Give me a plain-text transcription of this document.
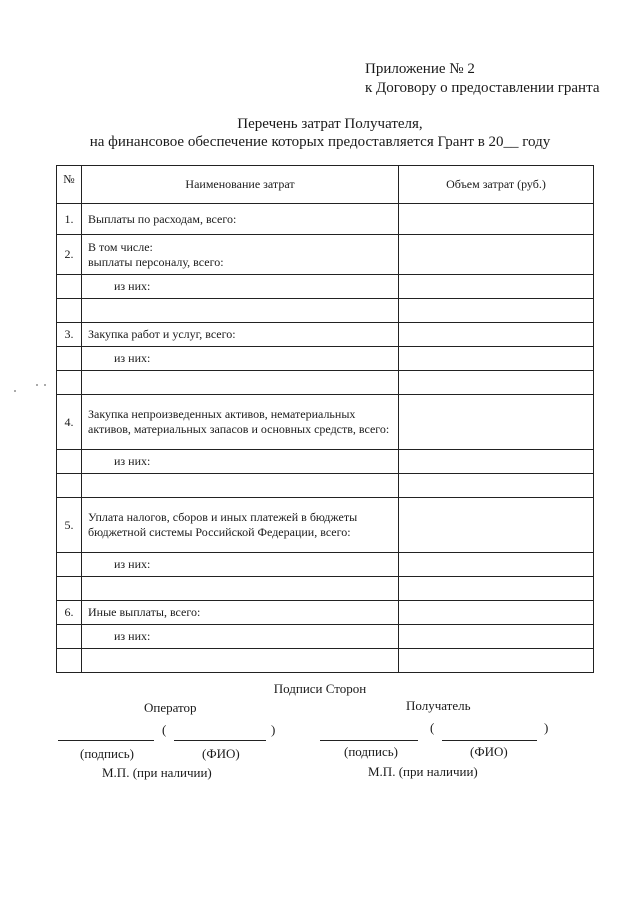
Приложение № 2
к Договору о предоставлении гранта
Перечень затрат Получателя,
на финансовое обеспечение которых предоставляется Грант в 20__ году
№	Наименование затрат	Объем затрат (руб.)
1.	Выплаты по расходам, всего:	
2.	В том числе:
выплаты персоналу, всего:	

	из них:	

3.	Закупка работ и услуг, всего:	
	из них:	

4.	Закупка непроизведенных активов, нематериальных активов, материальных запасов и основных средств, всего:	
	из них:	

5.	Уплата налогов, сборов и иных платежей в бюджеты бюджетной системы Российской Федерации, всего:	
	из них:	

6.	Иные выплаты, всего:	
	из них:	

Подписи Сторон
Оператор
(	)
(подпись)	(ФИО)
М.П. (при наличии)
Получатель
(	)
(подпись)	(ФИО)
М.П. (при наличии)
